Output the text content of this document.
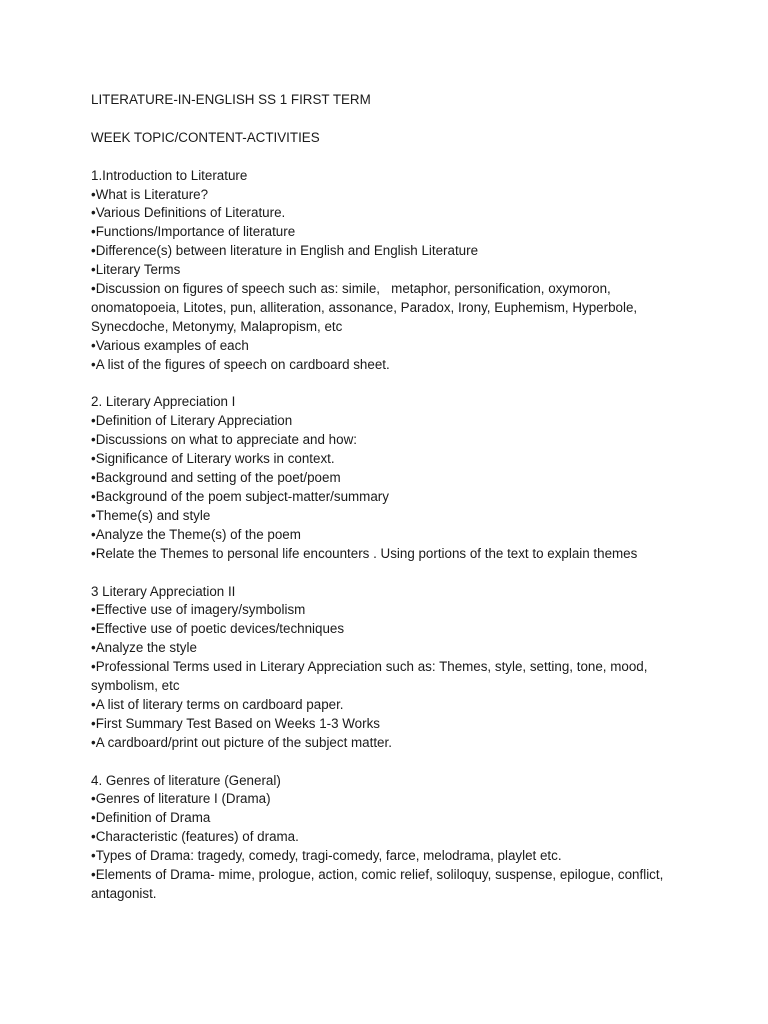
LITERATURE-IN-ENGLISH SS 1 FIRST TERM

WEEK TOPIC/CONTENT-ACTIVITIES

1.Introduction to Literature

•What is Literature?

•Various Definitions of Literature.

•Functions/Importance of literature

•Difference(s) between literature in English and English Literature

•Literary Terms

•Discussion on figures of speech such as: simile,   metaphor, personification, oxymoron, onomatopoeia, Litotes, pun, alliteration, assonance, Paradox, Irony, Euphemism, Hyperbole, Synecdoche, Metonymy, Malapropism, etc

•Various examples of each

•A list of the figures of speech on cardboard sheet.

2. Literary Appreciation I

•Definition of Literary Appreciation

•Discussions on what to appreciate and how:

•Significance of Literary works in context.

•Background and setting of the poet/poem

•Background of the poem subject-matter/summary

•Theme(s) and style

•Analyze the Theme(s) of the poem

•Relate the Themes to personal life encounters . Using portions of the text to explain themes

3 Literary Appreciation II

•Effective use of imagery/symbolism

•Effective use of poetic devices/techniques

•Analyze the style

•Professional Terms used in Literary Appreciation such as: Themes, style, setting, tone, mood, symbolism, etc

•A list of literary terms on cardboard paper.

•First Summary Test Based on Weeks 1-3 Works

•A cardboard/print out picture of the subject matter.

4. Genres of literature (General)

•Genres of literature I (Drama)

•Definition of Drama

•Characteristic (features) of drama.

•Types of Drama: tragedy, comedy, tragi-comedy, farce, melodrama, playlet etc.

•Elements of Drama- mime, prologue, action, comic relief, soliloquy, suspense, epilogue, conflict, antagonist.
